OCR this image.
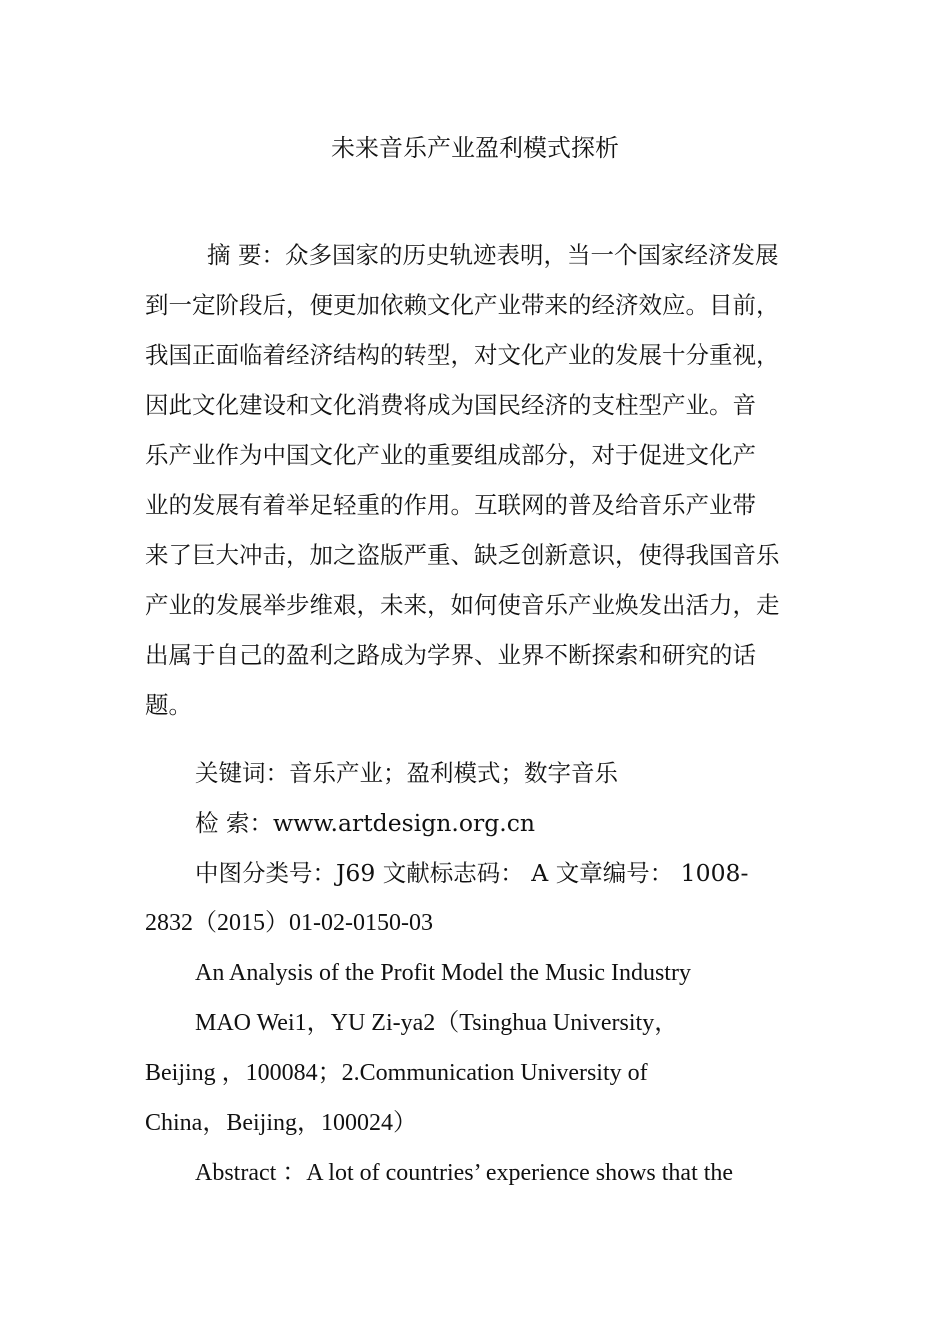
未来音乐产业盈利模式探析
摘 要：众多国家的历史轨迹表明，当一个国家经济发展
到一定阶段后，便更加依赖文化产业带来的经济效应。目前，
我国正面临着经济结构的转型，对文化产业的发展十分重视，
因此文化建设和文化消费将成为国民经济的支柱型产业。音
乐产业作为中国文化产业的重要组成部分，对于促进文化产
业的发展有着举足轻重的作用。互联网的普及给音乐产业带
来了巨大冲击，加之盗版严重、缺乏创新意识，使得我国音乐
产业的发展举步维艰，未来，如何使音乐产业焕发出活力，走
出属于自己的盈利之路成为学界、业界不断探索和研究的话
题。
关键词：音乐产业；盈利模式；数字音乐
检 索：www.artdesign.org.cn
中图分类号：J69 文献标志码： A 文章编号： 1008-
2832（2015）01-02-0150-03
An Analysis of the Profit Model the Music Industry
MAO Wei1，YU Zi-ya2（Tsinghua University，
Beijing ，100084；2.Communication University of
China，Beijing，100024）
Abstract ：A lot of countries’ experience shows that the
